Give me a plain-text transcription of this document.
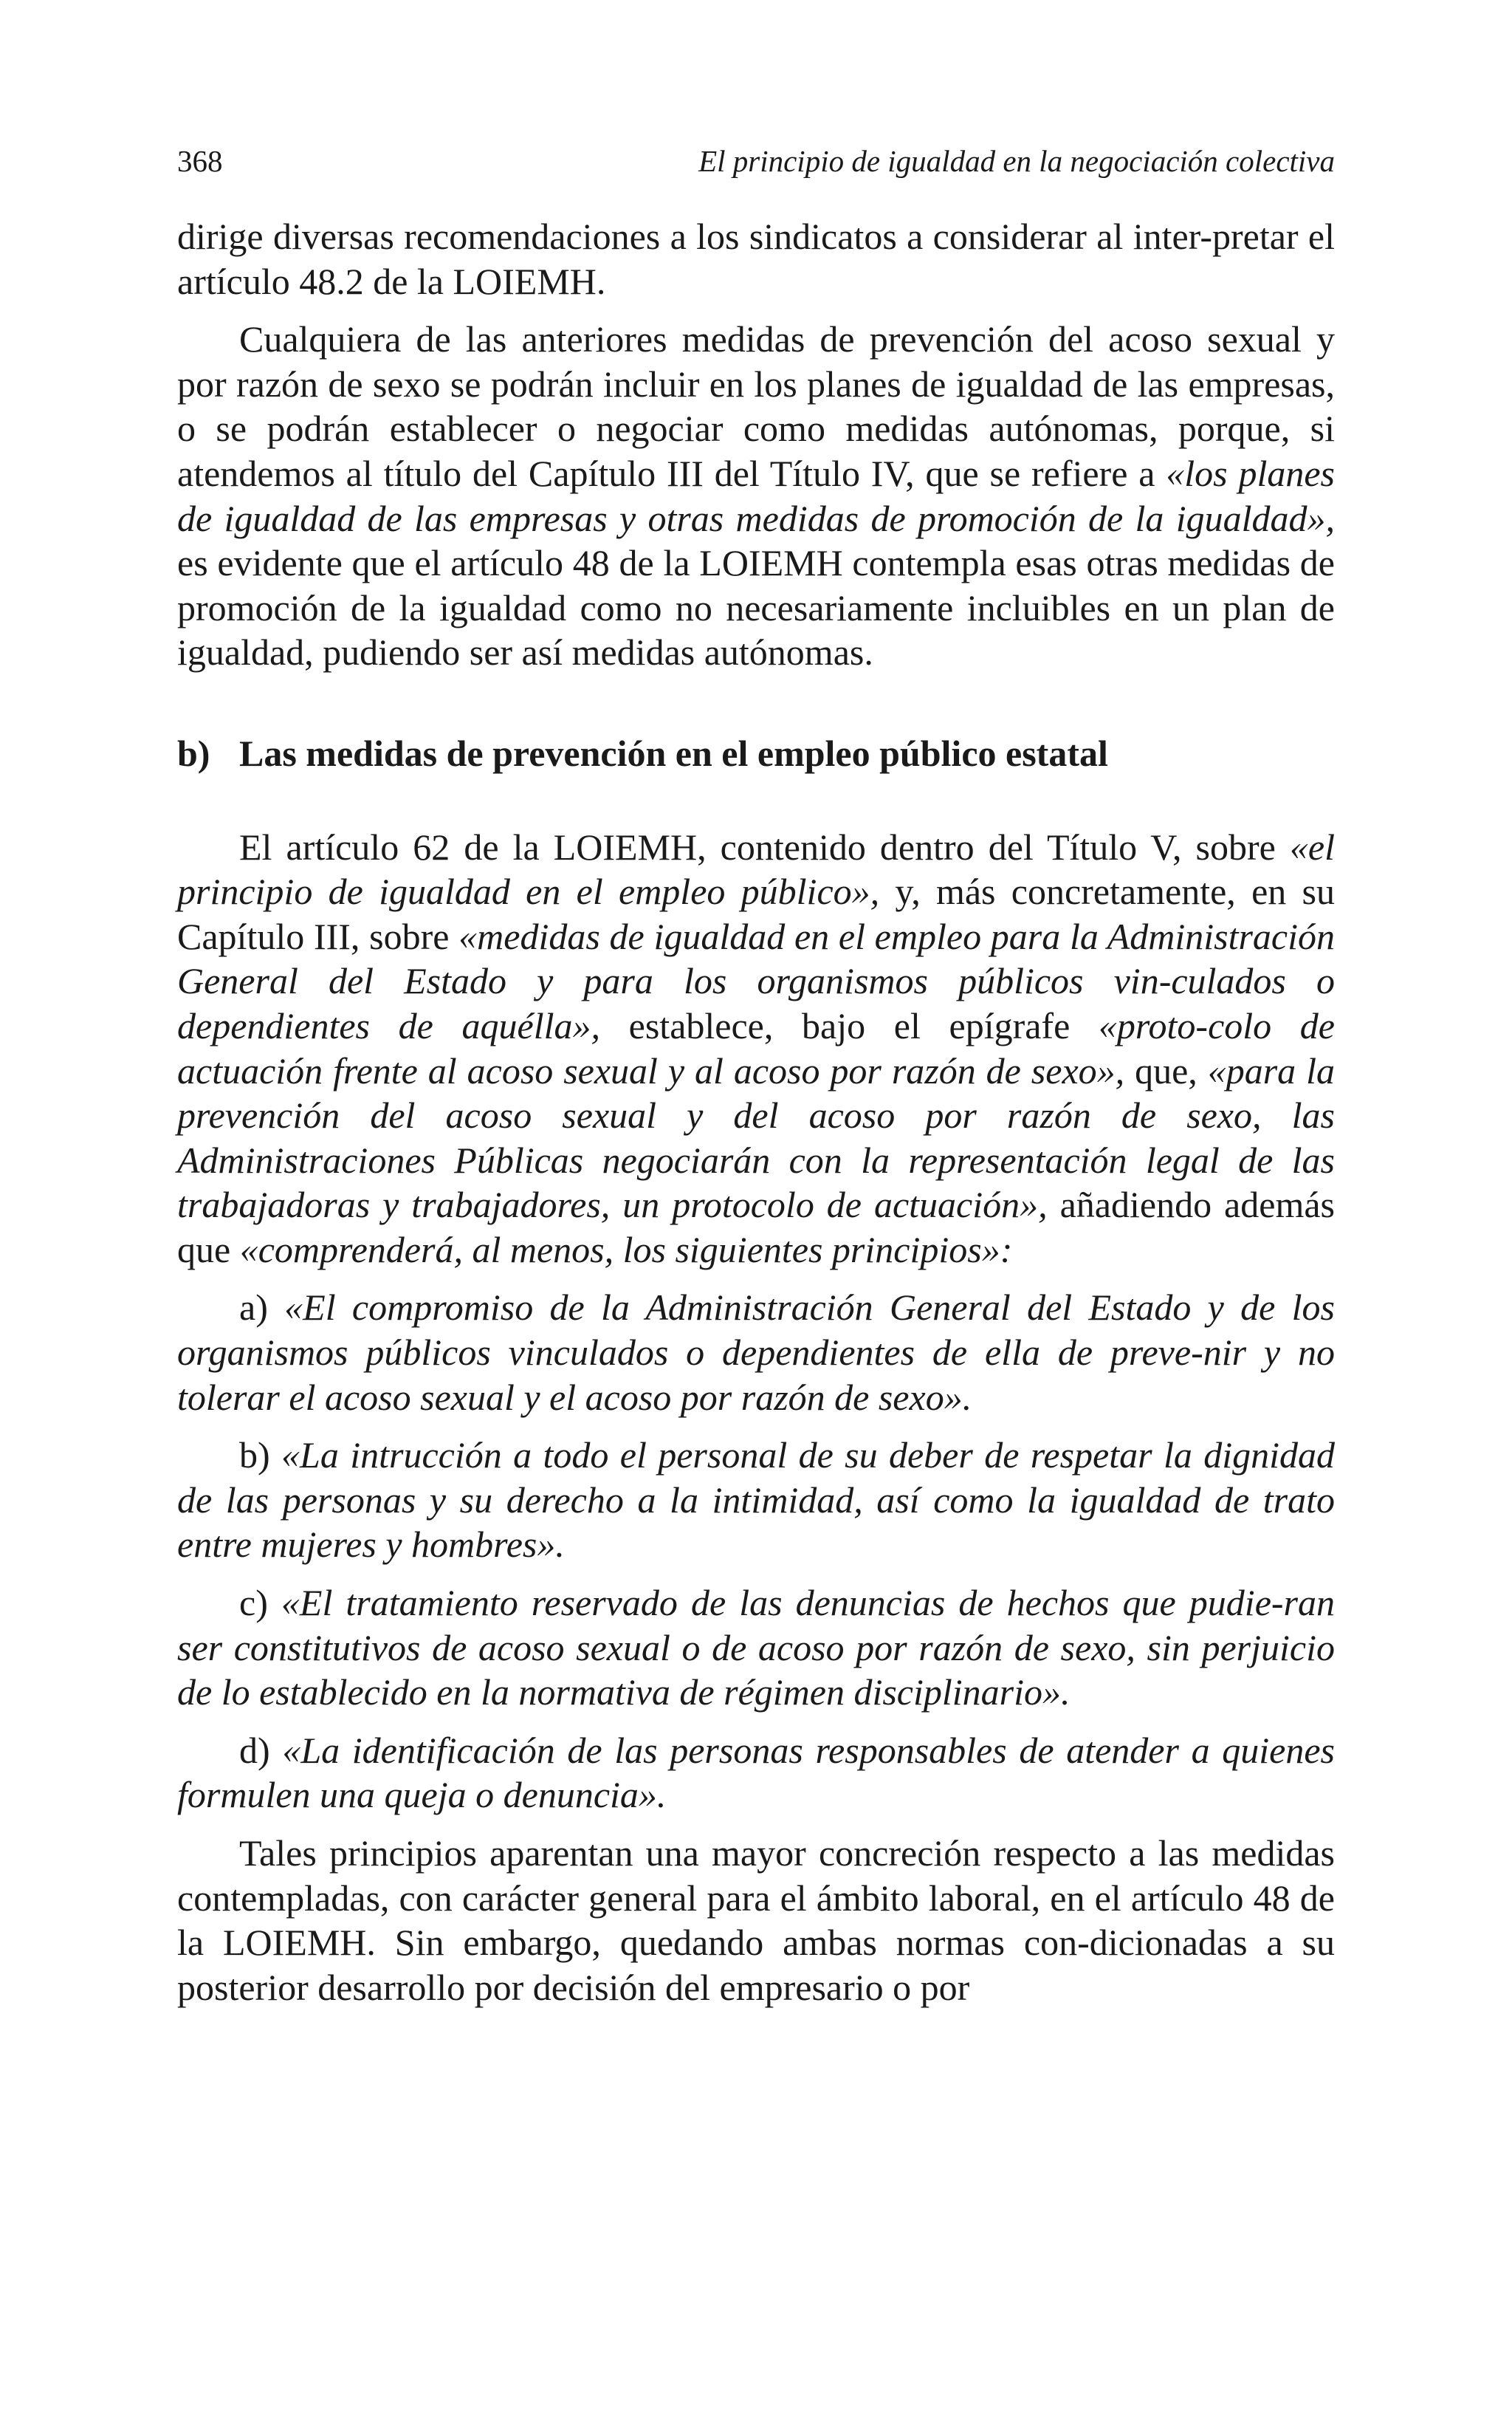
368	El principio de igualdad en la negociación colectiva

dirige diversas recomendaciones a los sindicatos a considerar al inter-pretar el artículo 48.2 de la LOIEMH.

Cualquiera de las anteriores medidas de prevención del acoso sexual y por razón de sexo se podrán incluir en los planes de igualdad de las empresas, o se podrán establecer o negociar como medidas autónomas, porque, si atendemos al título del Capítulo III del Título IV, que se refiere a «los planes de igualdad de las empresas y otras medidas de promoción de la igualdad», es evidente que el artículo 48 de la LOIEMH contempla esas otras medidas de promoción de la igualdad como no necesariamente incluibles en un plan de igualdad, pudiendo ser así medidas autónomas.

b) Las medidas de prevención en el empleo público estatal

El artículo 62 de la LOIEMH, contenido dentro del Título V, sobre «el principio de igualdad en el empleo público», y, más concretamente, en su Capítulo III, sobre «medidas de igualdad en el empleo para la Administración General del Estado y para los organismos públicos vin-culados o dependientes de aquélla», establece, bajo el epígrafe «proto-colo de actuación frente al acoso sexual y al acoso por razón de sexo», que, «para la prevención del acoso sexual y del acoso por razón de sexo, las Administraciones Públicas negociarán con la representación legal de las trabajadoras y trabajadores, un protocolo de actuación», añadiendo además que «comprenderá, al menos, los siguientes principios»:

a) «El compromiso de la Administración General del Estado y de los organismos públicos vinculados o dependientes de ella de preve-nir y no tolerar el acoso sexual y el acoso por razón de sexo».

b) «La intrucción a todo el personal de su deber de respetar la dignidad de las personas y su derecho a la intimidad, así como la igualdad de trato entre mujeres y hombres».

c) «El tratamiento reservado de las denuncias de hechos que pudie-ran ser constitutivos de acoso sexual o de acoso por razón de sexo, sin perjuicio de lo establecido en la normativa de régimen disciplinario».

d) «La identificación de las personas responsables de atender a quienes formulen una queja o denuncia».

Tales principios aparentan una mayor concreción respecto a las medidas contempladas, con carácter general para el ámbito laboral, en el artículo 48 de la LOIEMH. Sin embargo, quedando ambas normas con-dicionadas a su posterior desarrollo por decisión del empresario o por
